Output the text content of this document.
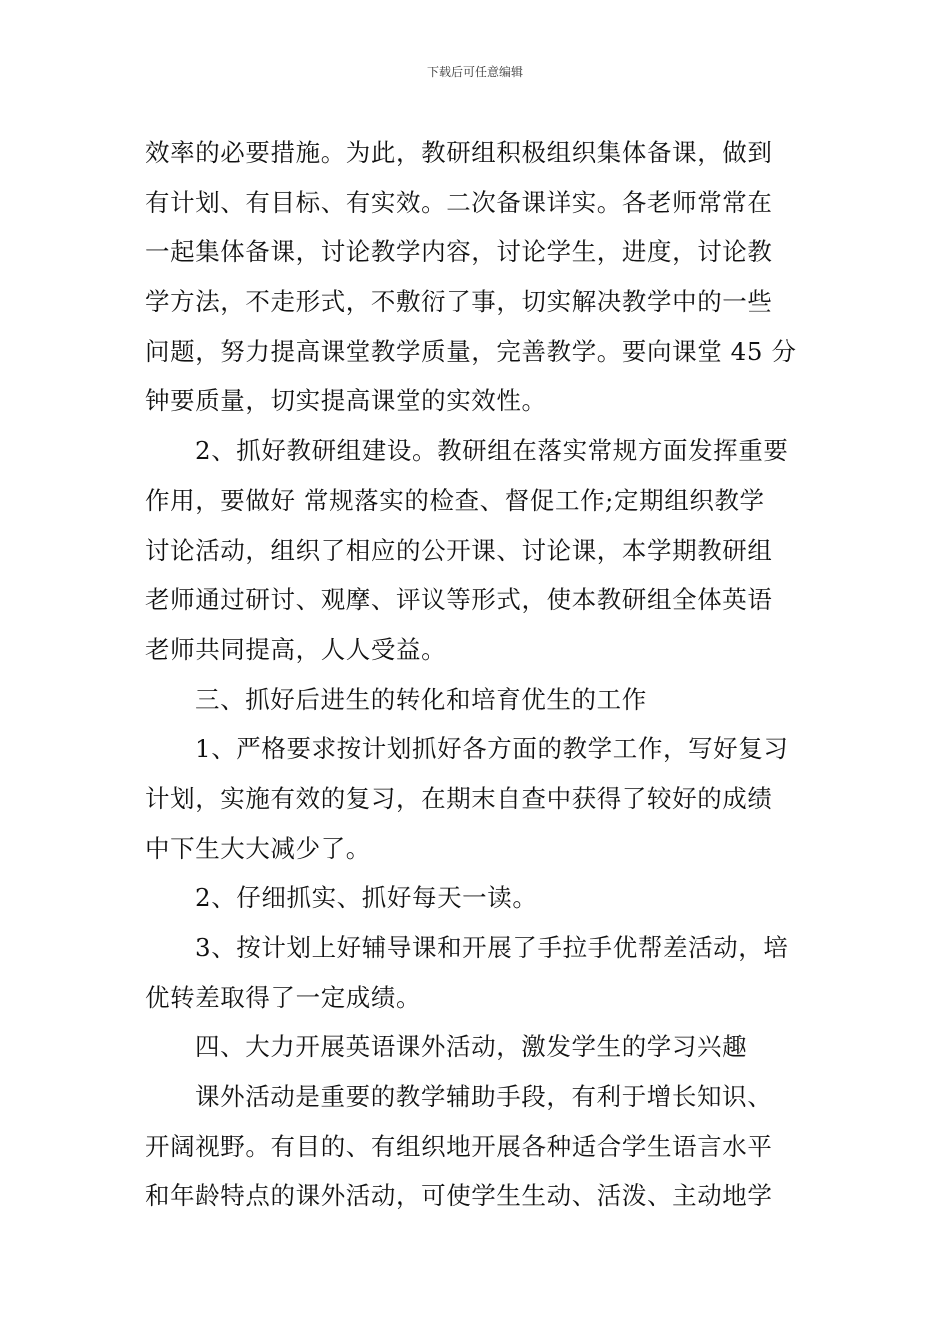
下载后可任意编辑
效率的必要措施。为此，教研组积极组织集体备课，做到
有计划、有目标、有实效。二次备课详实。各老师常常在
一起集体备课，讨论教学内容，讨论学生，进度，讨论教
学方法，不走形式，不敷衍了事，切实解决教学中的一些
问题，努力提高课堂教学质量，完善教学。要向课堂 45 分
钟要质量，切实提高课堂的实效性。
2、抓好教研组建设。教研组在落实常规方面发挥重要
作用，要做好 常规落实的检查、督促工作;定期组织教学
讨论活动，组织了相应的公开课、讨论课，本学期教研组
老师通过研讨、观摩、评议等形式，使本教研组全体英语
老师共同提高，人人受益。
三、抓好后进生的转化和培育优生的工作
1、严格要求按计划抓好各方面的教学工作，写好复习
计划，实施有效的复习，在期末自查中获得了较好的成绩
中下生大大减少了。
2、仔细抓实、抓好每天一读。
3、按计划上好辅导课和开展了手拉手优帮差活动，培
优转差取得了一定成绩。
四、大力开展英语课外活动，激发学生的学习兴趣
课外活动是重要的教学辅助手段，有利于增长知识、
开阔视野。有目的、有组织地开展各种适合学生语言水平
和年龄特点的课外活动，可使学生生动、活泼、主动地学
